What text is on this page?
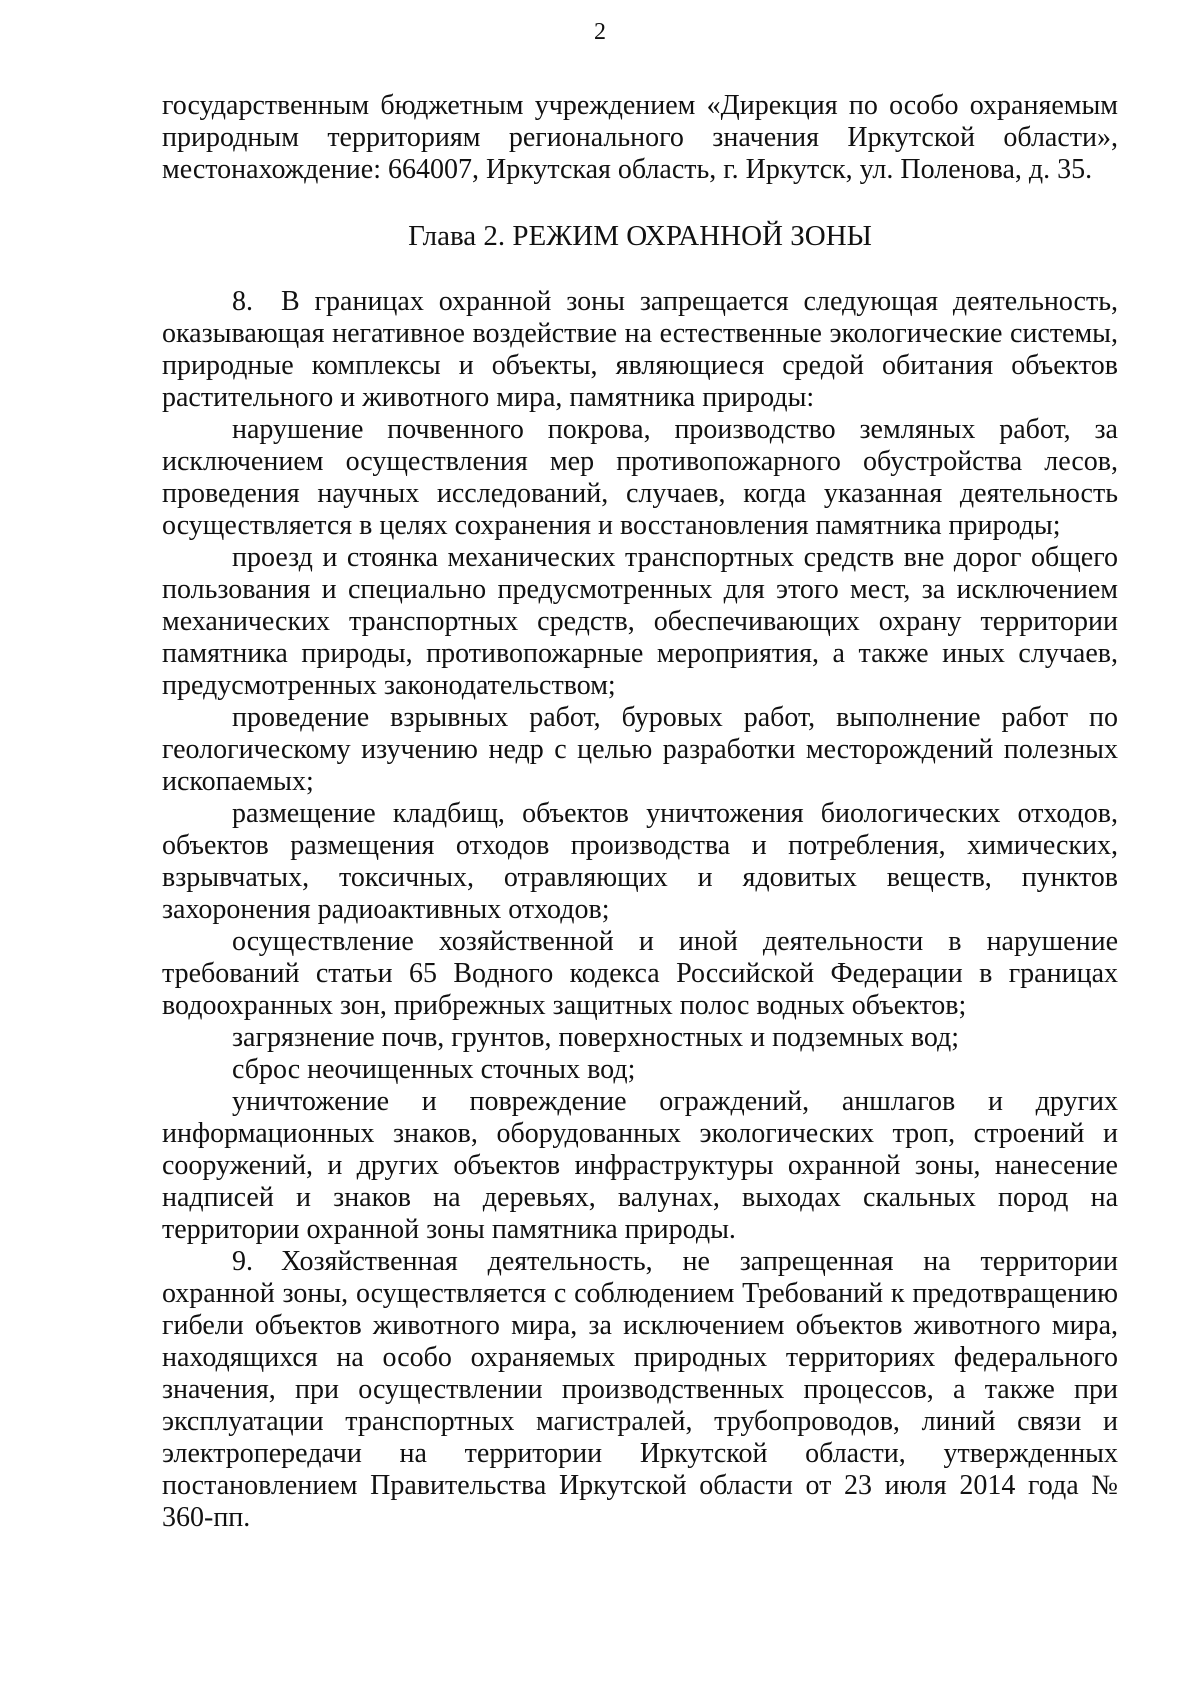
2

государственным бюджетным учреждением «Дирекция по особо охраняемым природным территориям регионального значения Иркутской области», местонахождение: 664007, Иркутская область, г. Иркутск, ул. Поленова, д. 35.

Глава 2. РЕЖИМ ОХРАННОЙ ЗОНЫ

8. В границах охранной зоны запрещается следующая деятельность, оказывающая негативное воздействие на естественные экологические системы, природные комплексы и объекты, являющиеся средой обитания объектов растительного и животного мира, памятника природы:

нарушение почвенного покрова, производство земляных работ, за исключением осуществления мер противопожарного обустройства лесов, проведения научных исследований, случаев, когда указанная деятельность осуществляется в целях сохранения и восстановления памятника природы;

проезд и стоянка механических транспортных средств вне дорог общего пользования и специально предусмотренных для этого мест, за исключением механических транспортных средств, обеспечивающих охрану территории памятника природы, противопожарные мероприятия, а также иных случаев, предусмотренных законодательством;

проведение взрывных работ, буровых работ, выполнение работ по геологическому изучению недр с целью разработки месторождений полезных ископаемых;

размещение кладбищ, объектов уничтожения биологических отходов, объектов размещения отходов производства и потребления, химических, взрывчатых, токсичных, отравляющих и ядовитых веществ, пунктов захоронения радиоактивных отходов;

осуществление хозяйственной и иной деятельности в нарушение требований статьи 65 Водного кодекса Российской Федерации в границах водоохранных зон, прибрежных защитных полос водных объектов;

загрязнение почв, грунтов, поверхностных и подземных вод;

сброс неочищенных сточных вод;

уничтожение и повреждение ограждений, аншлагов и других информационных знаков, оборудованных экологических троп, строений и сооружений, и других объектов инфраструктуры охранной зоны, нанесение надписей и знаков на деревьях, валунах, выходах скальных пород на территории охранной зоны памятника природы.

9. Хозяйственная деятельность, не запрещенная на территории охранной зоны, осуществляется с соблюдением Требований к предотвращению гибели объектов животного мира, за исключением объектов животного мира, находящихся на особо охраняемых природных территориях федерального значения, при осуществлении производственных процессов, а также при эксплуатации транспортных магистралей, трубопроводов, линий связи и электропередачи на территории Иркутской области, утвержденных постановлением Правительства Иркутской области от 23 июля 2014 года № 360-пп.
